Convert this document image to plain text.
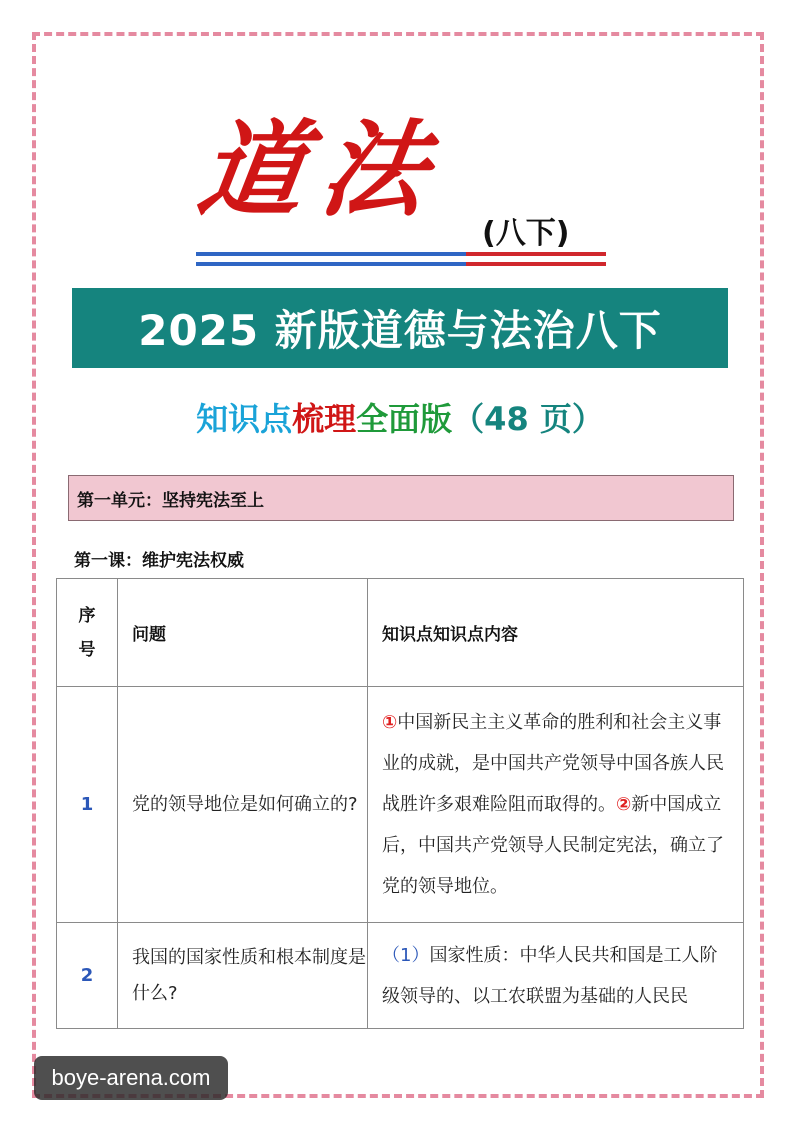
道法
(八下)
2025 新版道德与法治八下
知识点梳理全面版（48 页）
第一单元：坚持宪法至上
第一课：维护宪法权威
序号	问题	知识点知识点内容
1	党的领导地位是如何确立的?	①中国新民主主义革命的胜利和社会主义事业的成就，是中国共产党领导中国各族人民战胜许多艰难险阻而取得的。②新中国成立后，中国共产党领导人民制定宪法，确立了党的领导地位。
2	我国的国家性质和根本制度是什么?	（1）国家性质：中华人民共和国是工人阶级领导的、以工农联盟为基础的人民民
boye-arena.com
